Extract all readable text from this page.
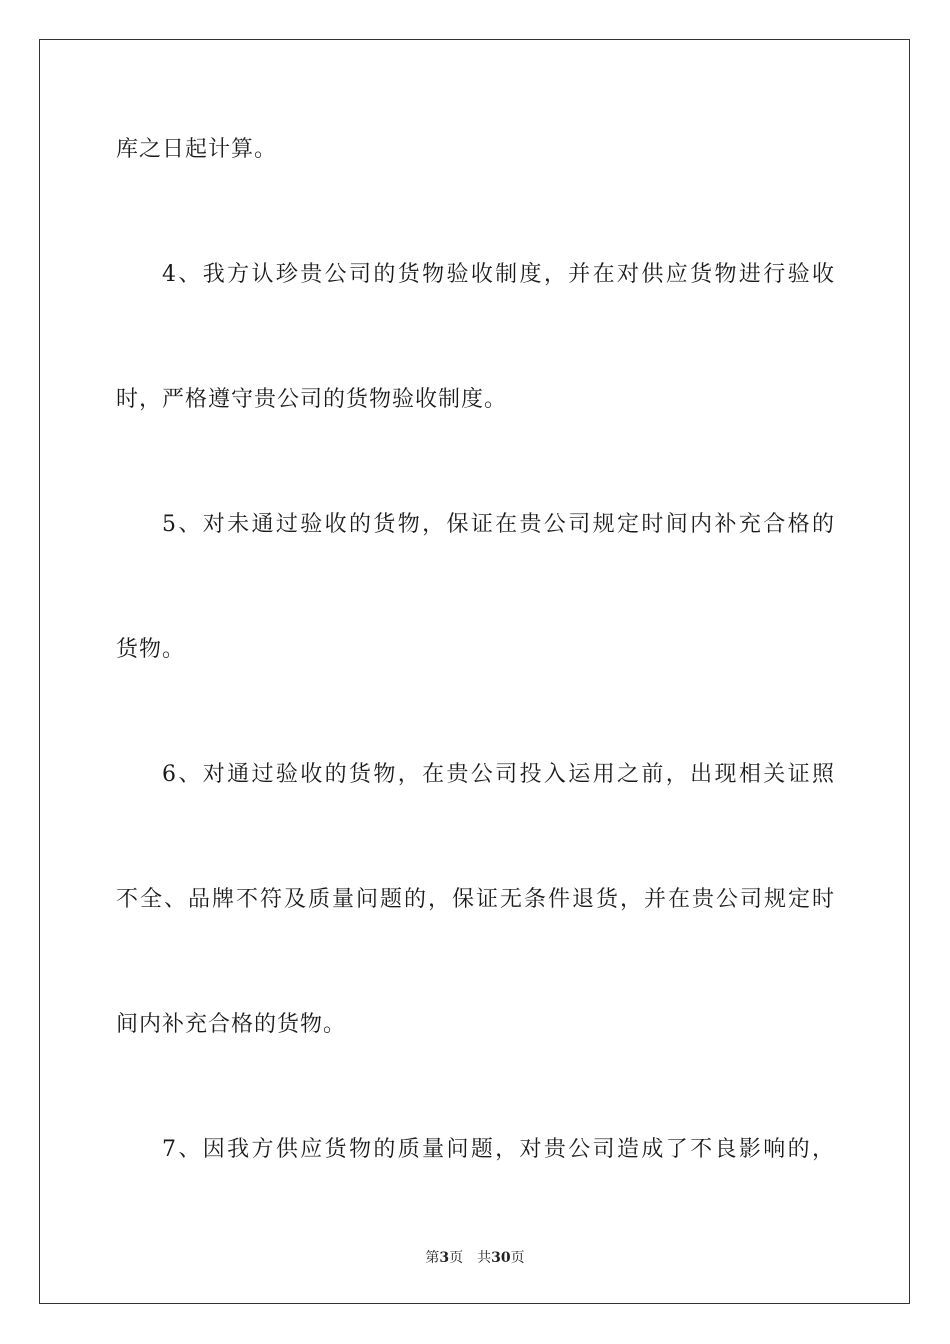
库之日起计算。
4、我方认珍贵公司的货物验收制度，并在对供应货物进行验收
时，严格遵守贵公司的货物验收制度。
5、对未通过验收的货物，保证在贵公司规定时间内补充合格的
货物。
6、对通过验收的货物，在贵公司投入运用之前，出现相关证照
不全、品牌不符及质量问题的，保证无条件退货，并在贵公司规定时
间内补充合格的货物。
7、因我方供应货物的质量问题，对贵公司造成了不良影响的，
第3页 共30页
